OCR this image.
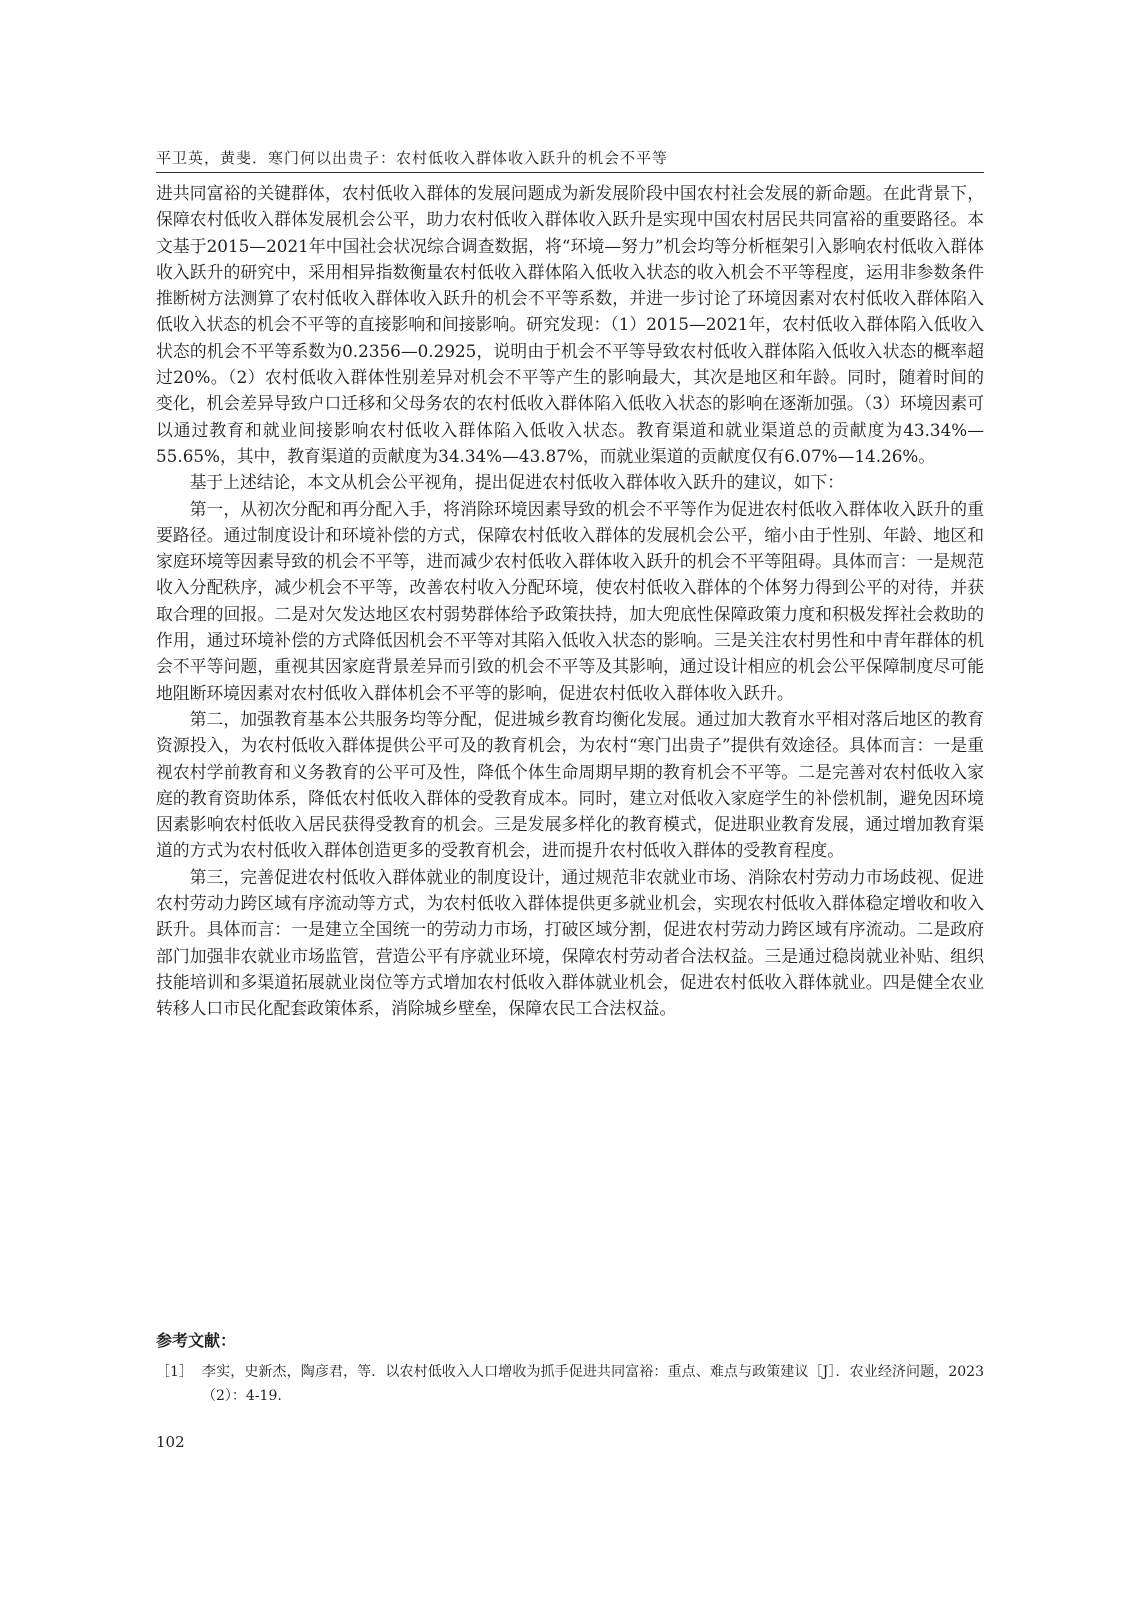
平卫英，黄斐．寒门何以出贵子：农村低收入群体收入跃升的机会不平等

进共同富裕的关键群体，农村低收入群体的发展问题成为新发展阶段中国农村社会发展的新命题。在此背景下，保障农村低收入群体发展机会公平，助力农村低收入群体收入跃升是实现中国农村居民共同富裕的重要路径。本文基于2015—2021年中国社会状况综合调查数据，将“环境—努力”机会均等分析框架引入影响农村低收入群体收入跃升的研究中，采用相异指数衡量农村低收入群体陷入低收入状态的收入机会不平等程度，运用非参数条件推断树方法测算了农村低收入群体收入跃升的机会不平等系数，并进一步讨论了环境因素对农村低收入群体陷入低收入状态的机会不平等的直接影响和间接影响。研究发现：（1）2015—2021年，农村低收入群体陷入低收入状态的机会不平等系数为0.2356—0.2925，说明由于机会不平等导致农村低收入群体陷入低收入状态的概率超过20%。（2）农村低收入群体性别差异对机会不平等产生的影响最大，其次是地区和年龄。同时，随着时间的变化，机会差异导致户口迁移和父母务农的农村低收入群体陷入低收入状态的影响在逐渐加强。（3）环境因素可以通过教育和就业间接影响农村低收入群体陷入低收入状态。教育渠道和就业渠道总的贡献度为43.34%—55.65%，其中，教育渠道的贡献度为34.34%—43.87%，而就业渠道的贡献度仅有6.07%—14.26%。

基于上述结论，本文从机会公平视角，提出促进农村低收入群体收入跃升的建议，如下：

第一，从初次分配和再分配入手，将消除环境因素导致的机会不平等作为促进农村低收入群体收入跃升的重要路径。通过制度设计和环境补偿的方式，保障农村低收入群体的发展机会公平，缩小由于性别、年龄、地区和家庭环境等因素导致的机会不平等，进而减少农村低收入群体收入跃升的机会不平等阻碍。具体而言：一是规范收入分配秩序，减少机会不平等，改善农村收入分配环境，使农村低收入群体的个体努力得到公平的对待，并获取合理的回报。二是对欠发达地区农村弱势群体给予政策扶持，加大兜底性保障政策力度和积极发挥社会救助的作用，通过环境补偿的方式降低因机会不平等对其陷入低收入状态的影响。三是关注农村男性和中青年群体的机会不平等问题，重视其因家庭背景差异而引致的机会不平等及其影响，通过设计相应的机会公平保障制度尽可能地阻断环境因素对农村低收入群体机会不平等的影响，促进农村低收入群体收入跃升。

第二，加强教育基本公共服务均等分配，促进城乡教育均衡化发展。通过加大教育水平相对落后地区的教育资源投入，为农村低收入群体提供公平可及的教育机会，为农村“寒门出贵子”提供有效途径。具体而言：一是重视农村学前教育和义务教育的公平可及性，降低个体生命周期早期的教育机会不平等。二是完善对农村低收入家庭的教育资助体系，降低农村低收入群体的受教育成本。同时，建立对低收入家庭学生的补偿机制，避免因环境因素影响农村低收入居民获得受教育的机会。三是发展多样化的教育模式，促进职业教育发展，通过增加教育渠道的方式为农村低收入群体创造更多的受教育机会，进而提升农村低收入群体的受教育程度。

第三，完善促进农村低收入群体就业的制度设计，通过规范非农就业市场、消除农村劳动力市场歧视、促进农村劳动力跨区域有序流动等方式，为农村低收入群体提供更多就业机会，实现农村低收入群体稳定增收和收入跃升。具体而言：一是建立全国统一的劳动力市场，打破区域分割，促进农村劳动力跨区域有序流动。二是政府部门加强非农就业市场监管，营造公平有序就业环境，保障农村劳动者合法权益。三是通过稳岗就业补贴、组织技能培训和多渠道拓展就业岗位等方式增加农村低收入群体就业机会，促进农村低收入群体就业。四是健全农业转移人口市民化配套政策体系，消除城乡壁垒，保障农民工合法权益。

参考文献：
［1］ 李实，史新杰，陶彦君，等．以农村低收入人口增收为抓手促进共同富裕：重点、难点与政策建议［J］．农业经济问题，2023（2）：4-19.
102
